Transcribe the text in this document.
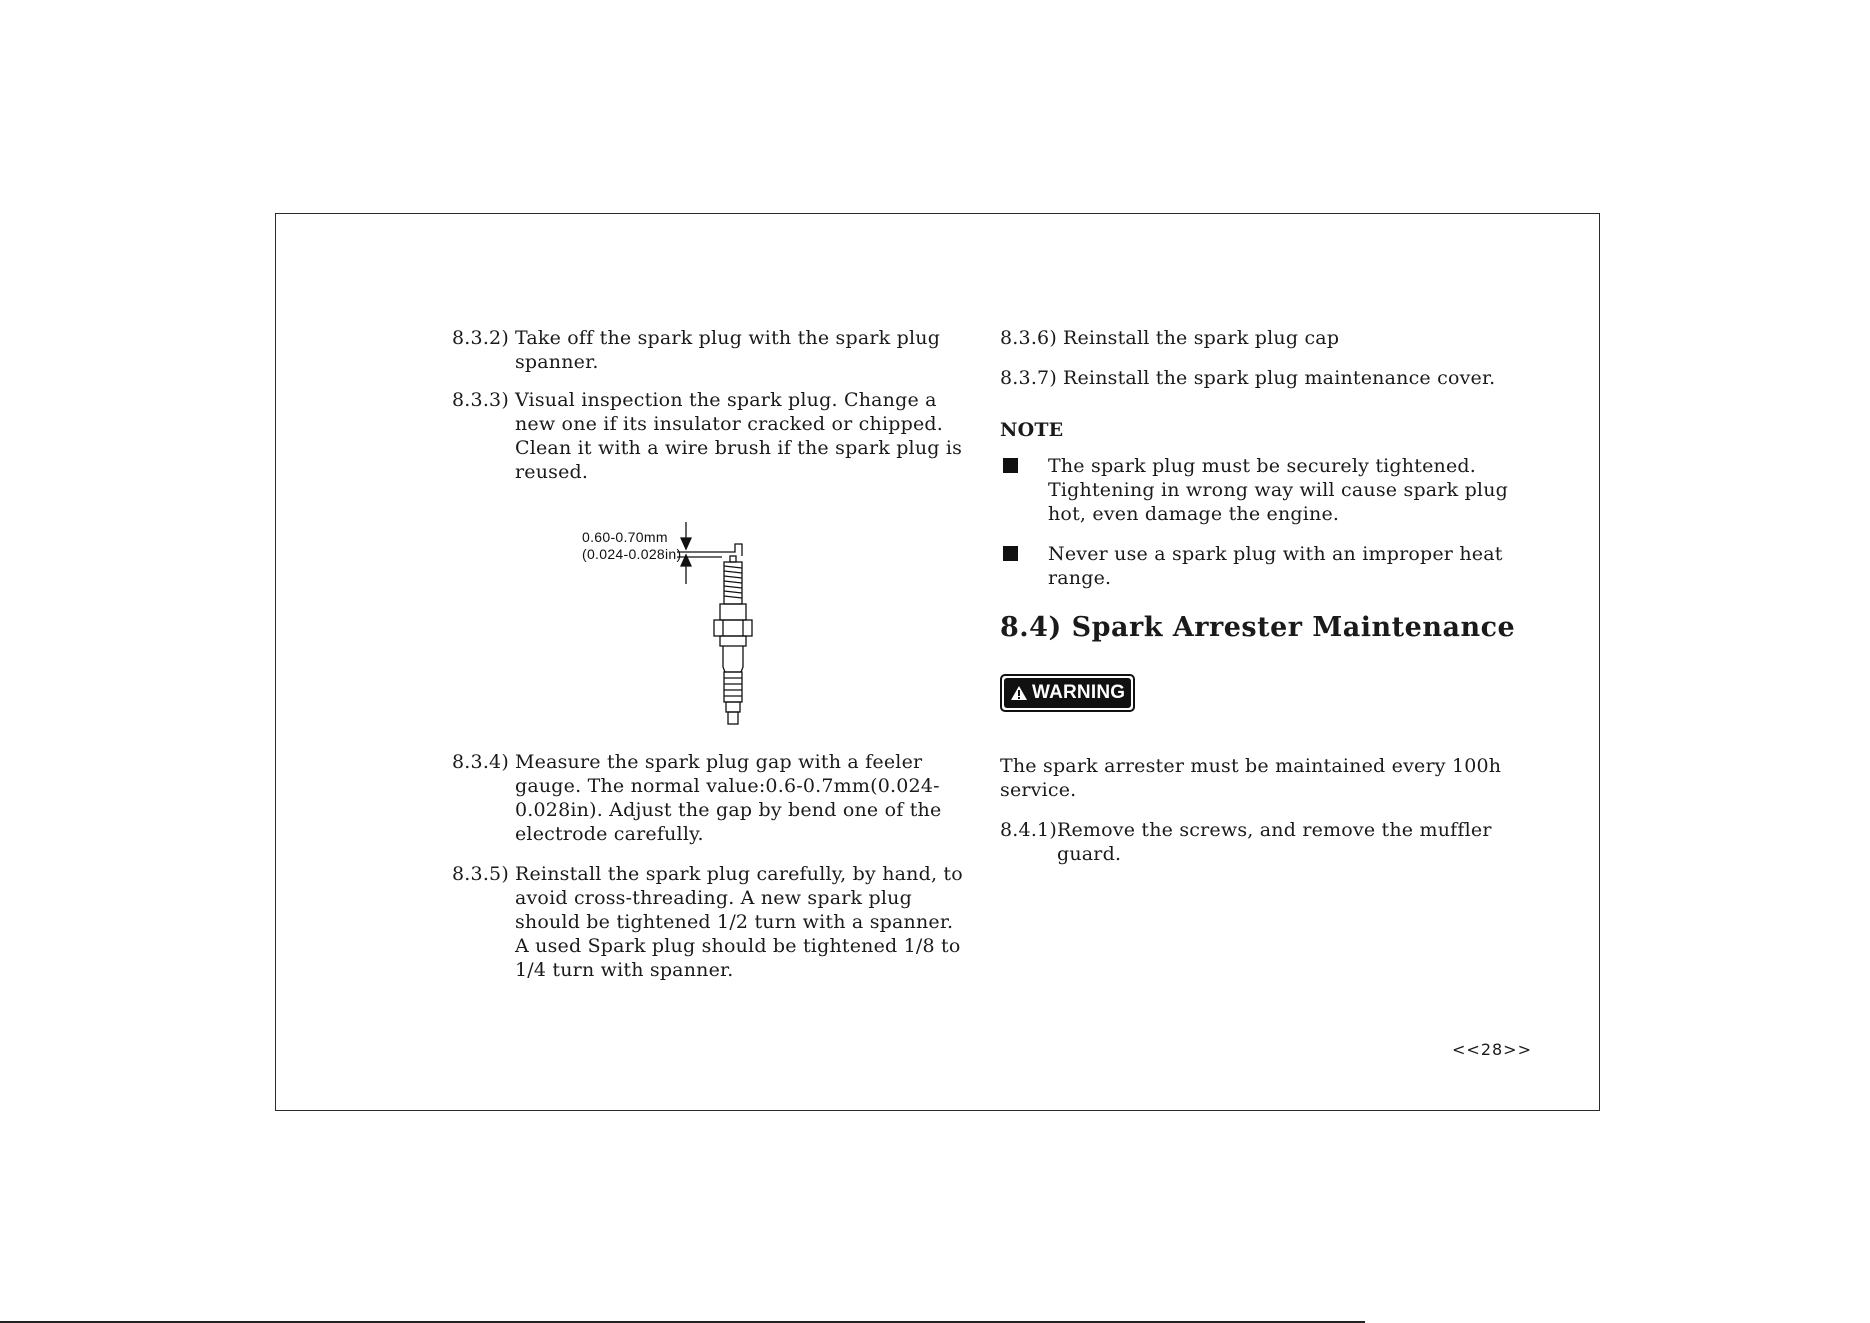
8.3.2) Take off the spark plug with the spark plug spanner.

8.3.3) Visual inspection the spark plug. Change a new one if its insulator cracked or chipped. Clean it with a wire brush if the spark plug is reused.

0.60-0.70mm
(0.024-0.028in)

8.3.4) Measure the spark plug gap with a feeler gauge. The normal value:0.6-0.7mm(0.024-0.028in). Adjust the gap by bend one of the electrode carefully.

8.3.5) Reinstall the spark plug carefully, by hand, to avoid cross-threading. A new spark plug should be tightened 1/2 turn with a spanner. A used Spark plug should be tightened 1/8 to 1/4 turn with spanner.

8.3.6) Reinstall the spark plug cap

8.3.7) Reinstall the spark plug maintenance cover.

NOTE
The spark plug must be securely tightened. Tightening in wrong way will cause spark plug hot, even damage the engine.
Never use a spark plug with an improper heat range.
8.4) Spark Arrester Maintenance
WARNING

The spark arrester must be maintained every 100h service.

8.4.1) Remove the screws, and remove the muffler guard.

<<28>>
